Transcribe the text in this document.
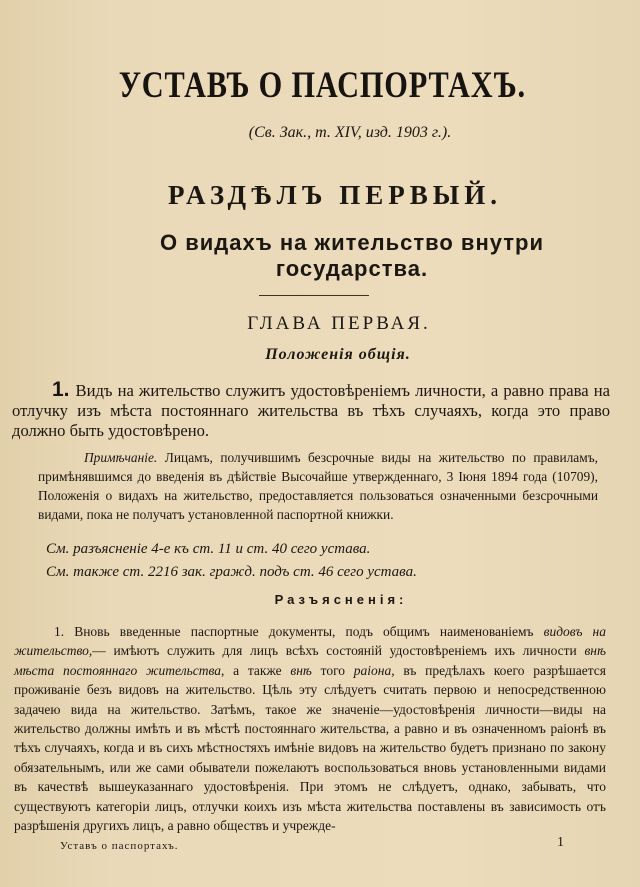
УСТАВЪ О ПАСПОРТАХЪ.
(Св. Зак., т. XIV, изд. 1903 г.).
РАЗДѢЛЪ ПЕРВЫЙ.
О видахъ на жительство внутри
государства.
ГЛАВА ПЕРВАЯ.
Положенія общія.
1. Видъ на жительство служитъ удостовѣреніемъ личности, а равно права на отлучку изъ мѣста постояннаго жительства въ тѣхъ случаяхъ, когда это право должно быть удостовѣрено.
Примѣчаніе. Лицамъ, получившимъ безсрочные виды на жительство по правиламъ, примѣнявшимся до введенія въ дѣйствіе Высочайше утвержденнаго, 3 Іюня 1894 года (10709), Положенія о видахъ на жительство, предоставляется пользоваться означенными безсрочными видами, пока не получатъ установленной паспортной книжки.
См. разъясненіе 4-е къ ст. 11 и ст. 40 сего устава.
См. также ст. 2216 зак. гражд. подъ ст. 46 сего устава.
Разъясненія:
1. Вновь введенные паспортные документы, подъ общимъ наименованіемъ видовъ на жительство,— имѣютъ служить для лицъ всѣхъ состояній удостовѣреніемъ ихъ личности внѣ мѣста постояннаго жительства, а также внѣ того раіона, въ предѣлахъ коего разрѣшается проживаніе безъ видовъ на жительство. Цѣль эту слѣдуетъ считать первою и непосредственною задачею вида на жительство. Затѣмъ, такое же значеніе—удостовѣренія личности—виды на жительство должны имѣть и въ мѣстѣ постояннаго жительства, а равно и въ означенномъ раіонѣ въ тѣхъ случаяхъ, когда и въ сихъ мѣстностяхъ имѣніе видовъ на жительство будетъ признано по закону обязательнымъ, или же сами обыватели пожелаютъ воспользоваться вновь установленными видами въ качествѣ вышеуказаннаго удостовѣренія. При этомъ не слѣдуетъ, однако, забывать, что существуютъ категоріи лицъ, отлучки коихъ изъ мѣста жительства поставлены въ зависимость отъ разрѣшенія другихъ лицъ, а равно обществъ и учрежде-
Уставъ о паспортахъ.	1
